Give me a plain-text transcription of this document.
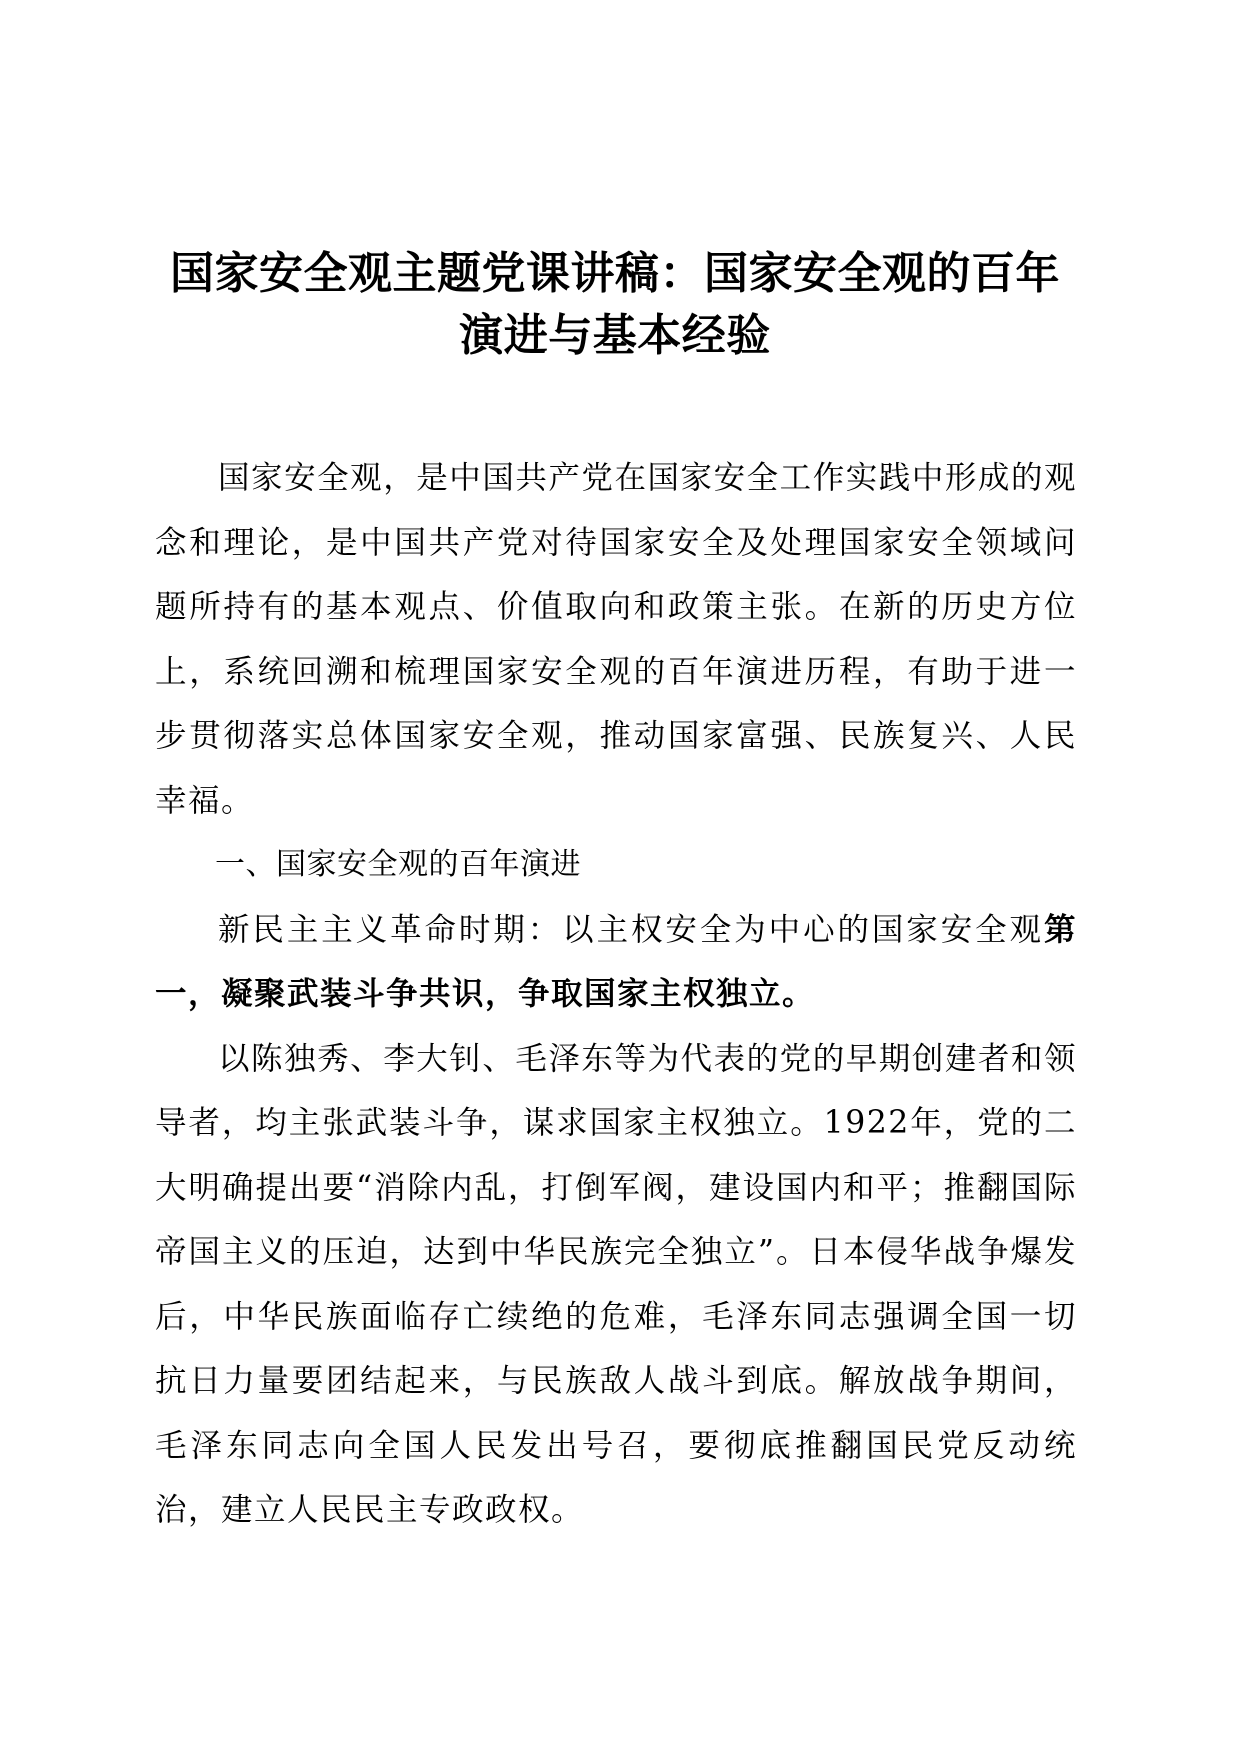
国家安全观主题党课讲稿：国家安全观的百年
演进与基本经验

国家安全观，是中国共产党在国家安全工作实践中形成的观念和理论，是中国共产党对待国家安全及处理国家安全领域问题所持有的基本观点、价值取向和政策主张。在新的历史方位上，系统回溯和梳理国家安全观的百年演进历程，有助于进一步贯彻落实总体国家安全观，推动国家富强、民族复兴、人民幸福。

一、国家安全观的百年演进

新民主主义革命时期：以主权安全为中心的国家安全观第一，凝聚武装斗争共识，争取国家主权独立。

以陈独秀、李大钊、毛泽东等为代表的党的早期创建者和领导者，均主张武装斗争，谋求国家主权独立。1922年，党的二大明确提出要“消除内乱，打倒军阀，建设国内和平；推翻国际帝国主义的压迫，达到中华民族完全独立”。日本侵华战争爆发后，中华民族面临存亡续绝的危难，毛泽东同志强调全国一切抗日力量要团结起来，与民族敌人战斗到底。解放战争期间，毛泽东同志向全国人民发出号召，要彻底推翻国民党反动统治，建立人民民主专政政权。
